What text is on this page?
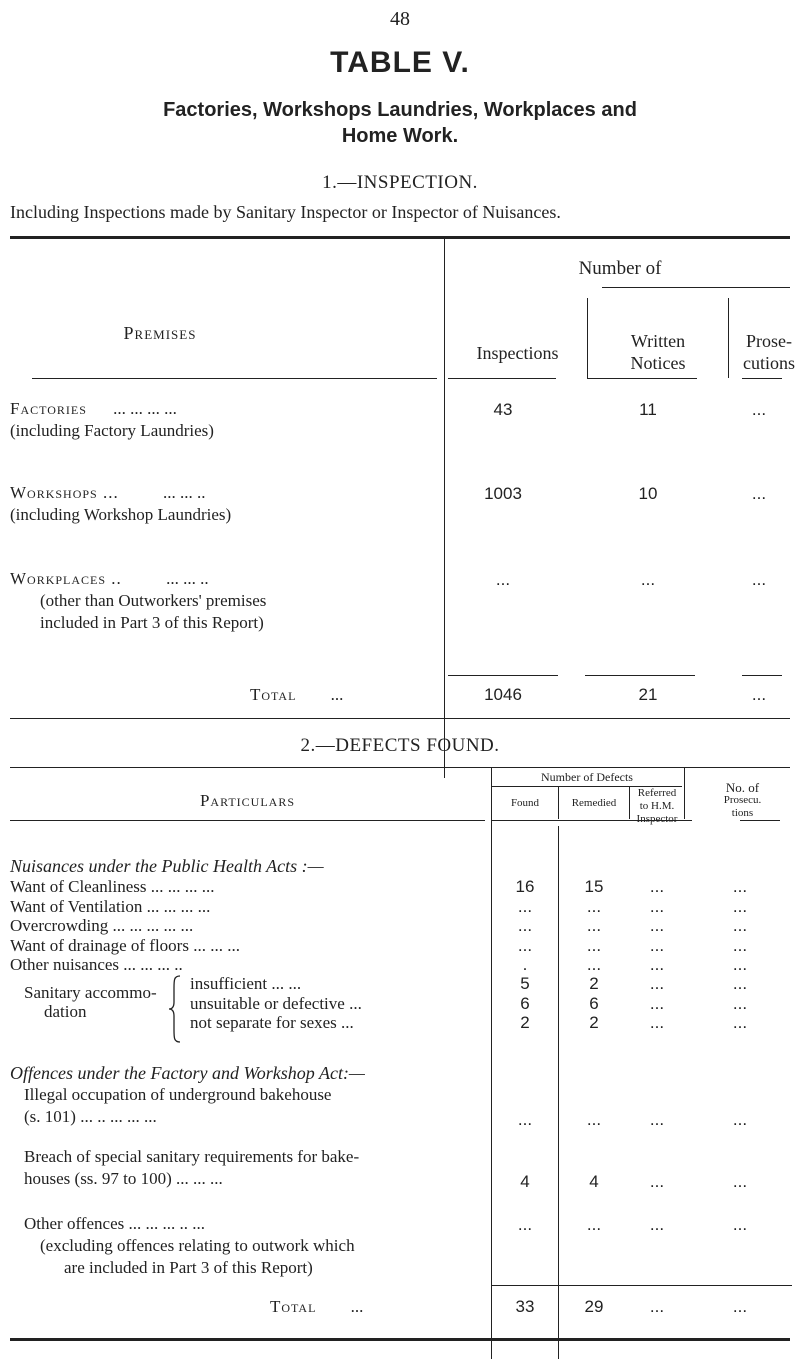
48
TABLE V.
Factories, Workshops Laundries, Workplaces and
Home Work.
1.—INSPECTION.
Including Inspections made by Sanitary Inspector or Inspector of Nuisances.
Premises
Number of
Inspections
Written
Notices
Prose-
cutions
Factories ... ... ... ...
(including Factory Laundries)
43	11	...
Workshops ...	... ... ..
(including Workshop Laundries)
1003	10	...
Workplaces ..	... ... ..
(other than Outworkers' premises
included in Part 3 of this Report)
...	...	...
Total ...	1046	21	...
2.—DEFECTS FOUND.
Particulars
Number of Defects
Found	Remedied
Referred
to H.M.
Inspector
No. of
Prosecu.
tions
Nuisances under the Public Health Acts :—
Want of Cleanliness ... ... ... ...	16	15	...	...
Want of Ventilation ... ... ... ...	...	...	...	...
Overcrowding ... ... ... ... ...	...	...	...	...
Want of drainage of floors ... ... ...	...	...	...	...
Other nuisances ... ... ... ..	.	...	...	...
Sanitary accommo-
dation
insufficient ... ...	5	2	...	...
unsuitable or defective ...	6	6	...	...
not separate for sexes ...	2	2	...	...
Offences under the Factory and Workshop Act:—
Illegal occupation of underground bakehouse
(s. 101) ... .. ... ... ...	...	...	...	...
Breach of special sanitary requirements for bake-
houses (ss. 97 to 100) ... ... ...	4	4	...	...
Other offences ... ... ... .. ...
(excluding offences relating to outwork which
are included in Part 3 of this Report)
...	...	...	...
Total ...	33	29	...	...
